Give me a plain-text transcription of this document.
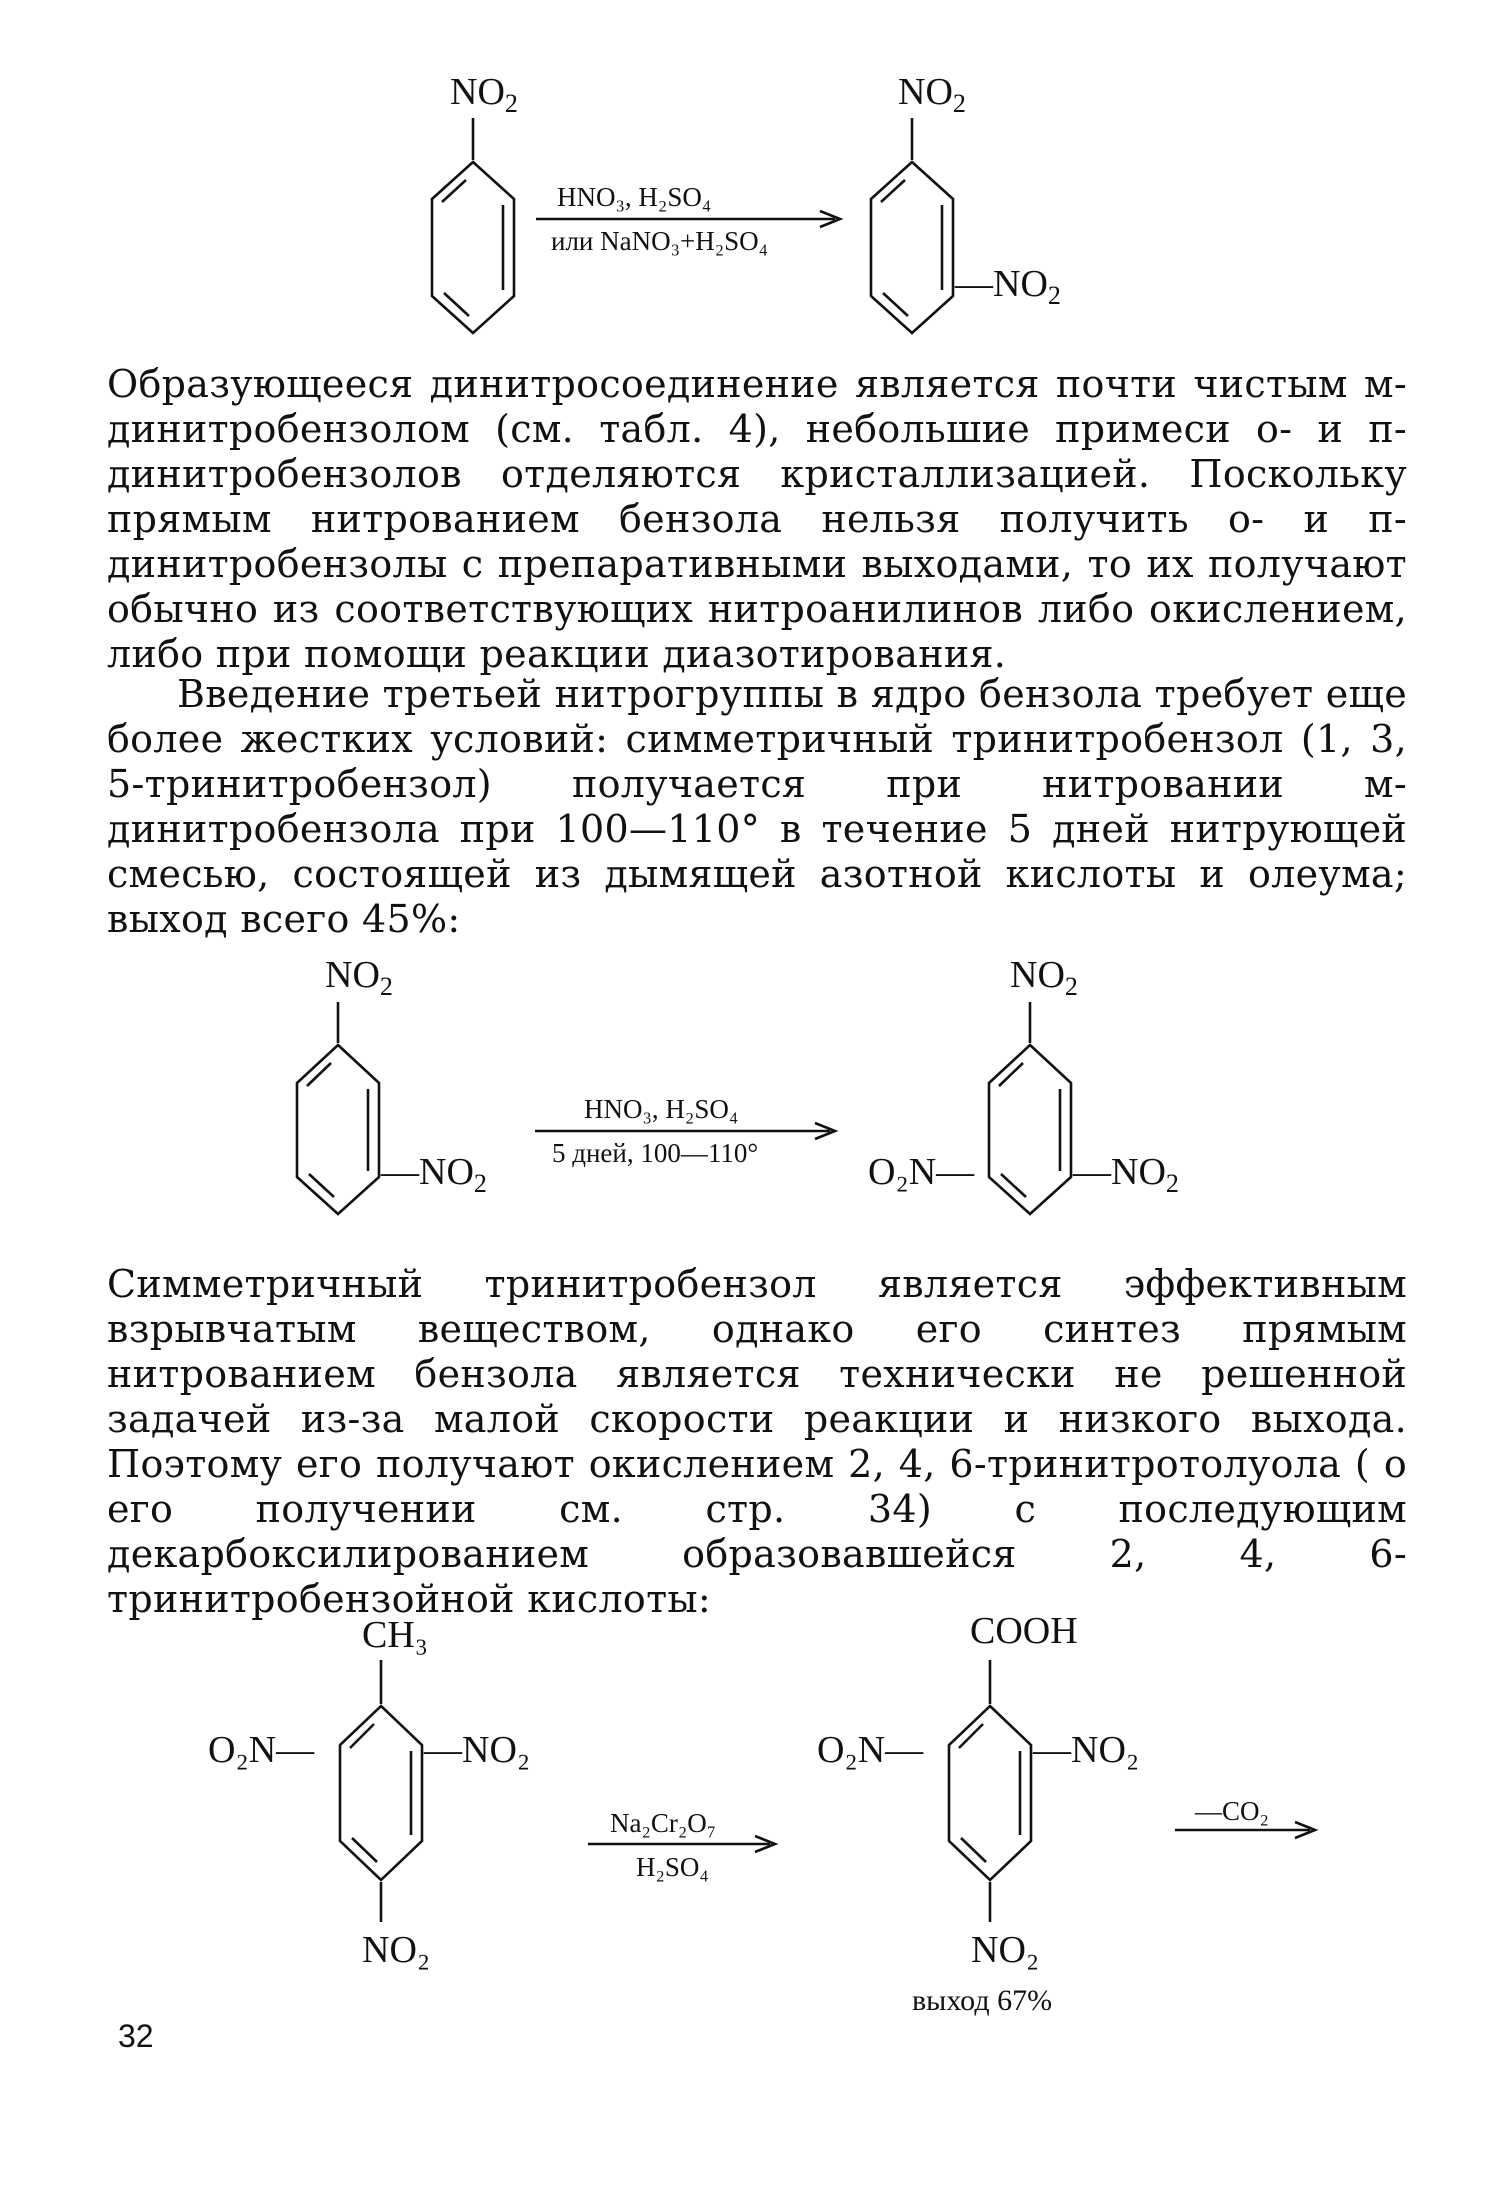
$NO_2$
HNO₃, H₂SO₄
или NaNO₃+H₂SO₄
$NO_2$
$—NO_2$

Образующееся динитросоединение является почти чистым м-динитробензолом (см. табл. 4), небольшие примеси о- и п-динитробензолов отделяются кристаллизацией. Поскольку прямым нитрованием бензола нельзя получить о- и п-динитробензолы с препаративными выходами, то их получают обычно из соответствующих нитроанилинов либо окислением, либо при помощи реакции диазотирования.

Введение третьей нитрогруппы в ядро бензола требует еще более жестких условий: симметричный тринитробензол (1, 3, 5-тринитробензол) получается при нитровании м-динитробензола при 100—110° в течение 5 дней нитрующей смесью, состоящей из дымящей азотной кислоты и олеума; выход всего 45%:

$NO_2$
$—NO_2$
HNO₃, H₂SO₄
5 дней, 100—110°
$NO_2$
O₂N—	$—NO_2$

Симметричный тринитробензол является эффективным взрывчатым веществом, однако его синтез прямым нитрованием бензола является технически не решенной задачей из-за малой скорости реакции и низкого выхода. Поэтому его получают окислением 2, 4, 6-тринитротолуола ( о его получении см. стр. 34) с последующим декарбоксилированием образовавшейся 2, 4, 6-тринитробензойной кислоты:

CH₃
O₂N—	—NO₂
NO₂
Na₂Cr₂O₇
H₂SO₄
COOH
O₂N—	—NO₂
NO₂
выход 67%
—CO₂
32
